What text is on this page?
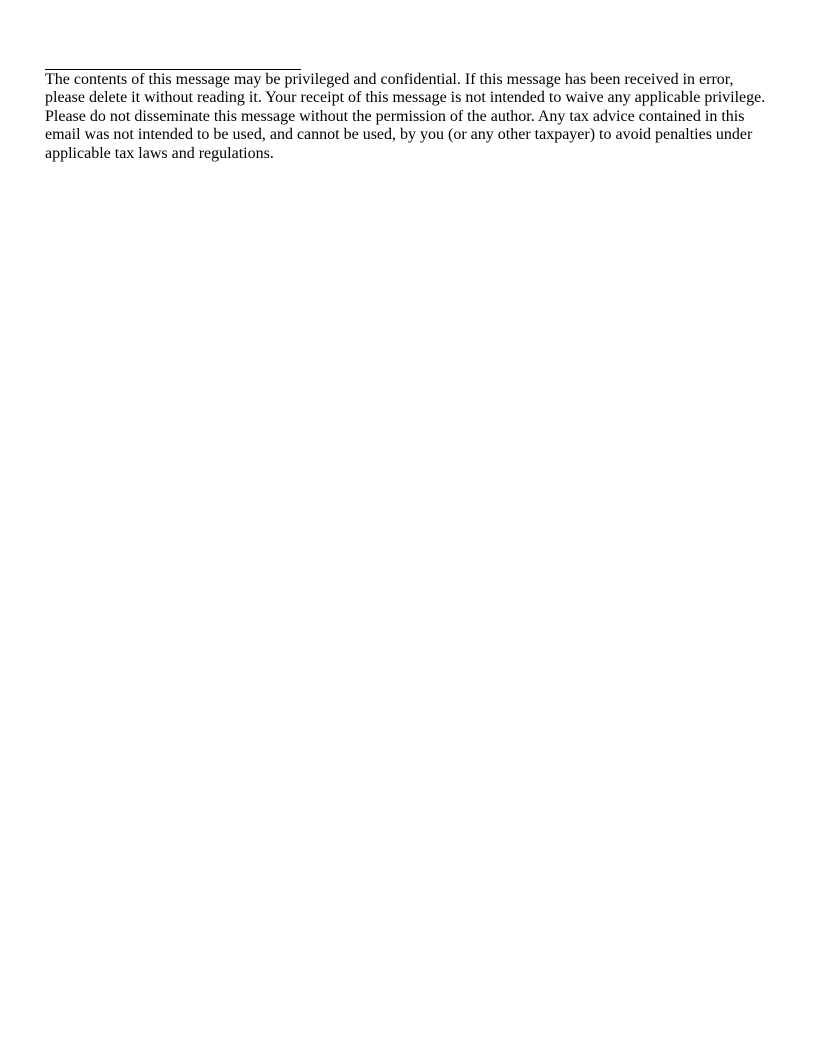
The contents of this message may be privileged and confidential. If this message has been received in error,
please delete it without reading it. Your receipt of this message is not intended to waive any applicable privilege.
Please do not disseminate this message without the permission of the author. Any tax advice contained in this
email was not intended to be used, and cannot be used, by you (or any other taxpayer) to avoid penalties under
applicable tax laws and regulations.
